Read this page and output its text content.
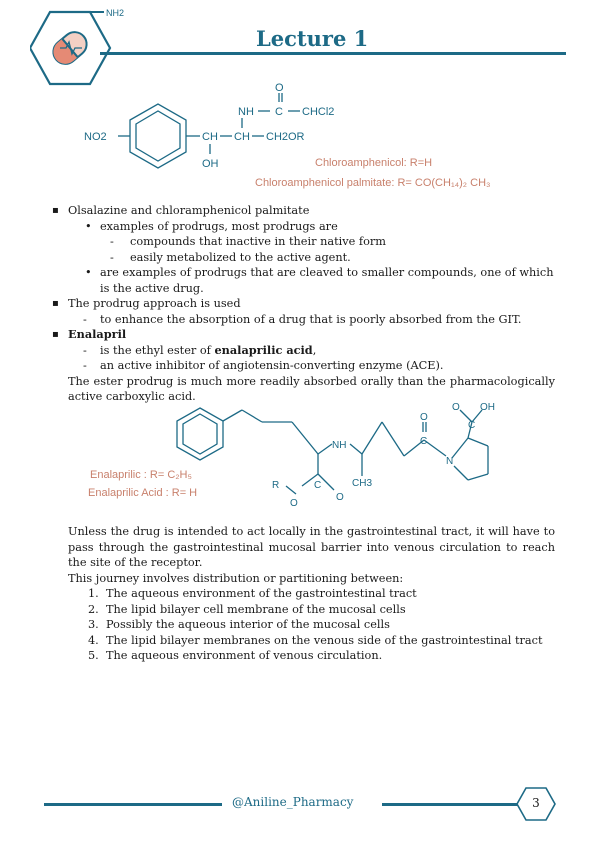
NH2
Lecture 1
NO2	CH
OH
CH CH2OR
NH C
O
CHCl2
Chloroamphenicol: R=H
Chloroamphenicol palmitate: R= CO(CH₁₄)₂ CH₃
▪ Olsalazine and chloramphenicol palmitate
• examples of prodrugs, most prodrugs are
- compounds that inactive in their native form
- easily metabolized to the active agent.
• are examples of prodrugs that are cleaved to smaller compounds, one of which is the active drug.
▪ The prodrug approach is used
- to enhance the absorption of a drug that is poorly absorbed from the GIT.
▪ Enalapril
- is the ethyl ester of enalaprilic acid,
- an active inhibitor of angiotensin-converting enzyme (ACE).
The ester prodrug is much more readily absorbed orally than the pharmacologically active carboxylic acid.
NH
O
C
O OH
C
N
CH3
R
O
C
O
Enalaprilic : R= C₂H₅
Enalaprilic Acid : R= H
Unless the drug is intended to act locally in the gastrointestinal tract, it will have to pass through the gastrointestinal mucosal barrier into venous circulation to reach the site of the receptor.
This journey involves distribution or partitioning between:
1. The aqueous environment of the gastrointestinal tract
2. The lipid bilayer cell membrane of the mucosal cells
3. Possibly the aqueous interior of the mucosal cells
4. The lipid bilayer membranes on the venous side of the gastrointestinal tract
5. The aqueous environment of venous circulation.
@Aniline_Pharmacy	3
